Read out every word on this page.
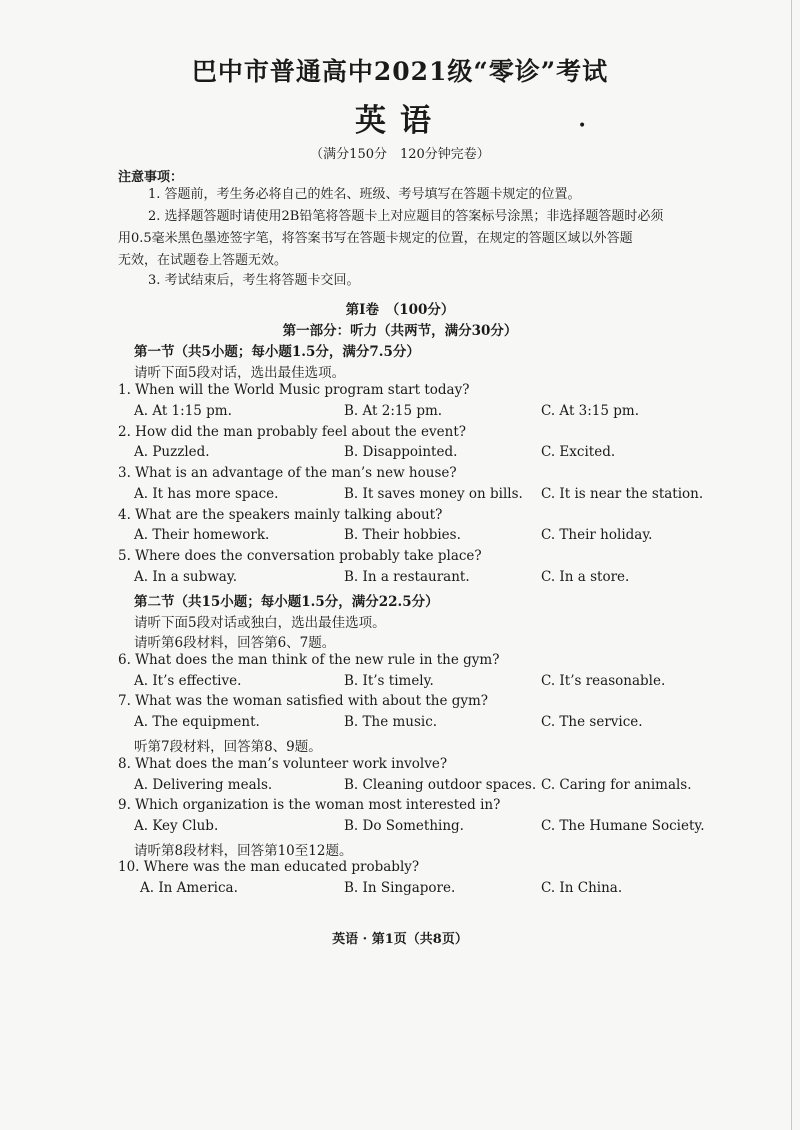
巴中市普通高中2021级“零诊”考试
英语	•
（满分150分　120分钟完卷）
注意事项：
1. 答题前，考生务必将自己的姓名、班级、考号填写在答题卡规定的位置。
2. 选择题答题时请使用2B铅笔将答题卡上对应题目的答案标号涂黑；非选择题答题时必须
用0.5毫米黑色墨迹签字笔，将答案书写在答题卡规定的位置，在规定的答题区域以外答题
无效，在试题卷上答题无效。
3. 考试结束后，考生将答题卡交回。
第Ⅰ卷　（100分）
第一部分：听力（共两节，满分30分）
第一节（共5小题；每小题1.5分，满分7.5分）
请听下面5段对话，选出最佳选项。
1. When will the World Music program start today?
A. At 1:15 pm.	B. At 2:15 pm.	C. At 3:15 pm.
2. How did the man probably feel about the event?
A. Puzzled.	B. Disappointed.	C. Excited.
3. What is an advantage of the man’s new house?
A. It has more space.	B. It saves money on bills. C. It is near the station.
4. What are the speakers mainly talking about?
A. Their homework.	B. Their hobbies.	C. Their holiday.
5. Where does the conversation probably take place?
A. In a subway.	B. In a restaurant.	C. In a store.
第二节（共15小题；每小题1.5分，满分22.5分）
请听下面5段对话或独白，选出最佳选项。
请听第6段材料，回答第6、7题。
6. What does the man think of the new rule in the gym?
A. It’s effective.	B. It’s timely.	C. It’s reasonable.
7. What was the woman satisfied with about the gym?
A. The equipment.	B. The music.	C. The service.
听第7段材料，回答第8、9题。
8. What does the man’s volunteer work involve?
A. Delivering meals.	B. Cleaning outdoor spaces. C. Caring for animals.
9. Which organization is the woman most interested in?
A. Key Club.	B. Do Something.	C. The Humane Society.
请听第8段材料，回答第10至12题。
10. Where was the man educated probably?
A. In America.	B. In Singapore.	C. In China.
英语 · 第1页（共8页）
